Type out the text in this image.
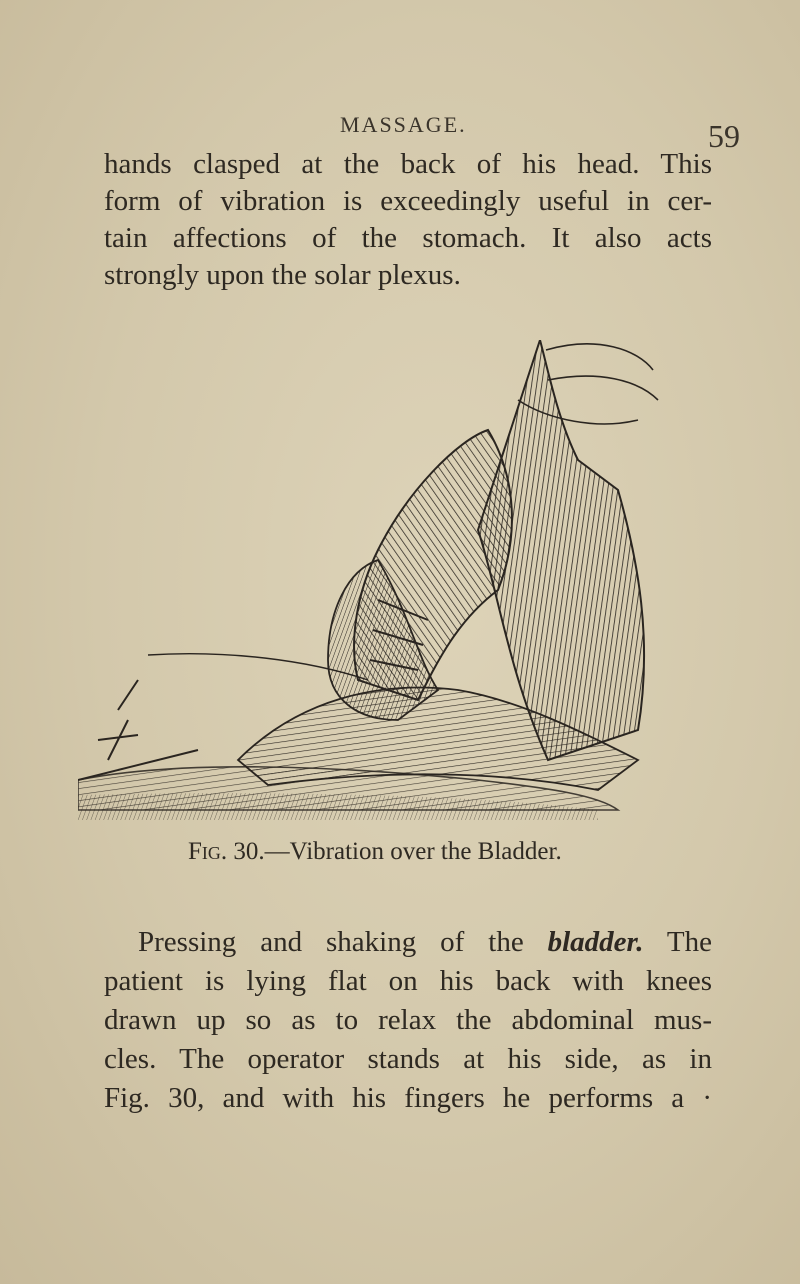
MASSAGE.	59
hands clasped at the back of his head. This
form of vibration is exceedingly useful in cer-
tain affections of the stomach. It also acts
strongly upon the solar plexus.
Fig. 30.—Vibration over the Bladder.
Pressing and shaking of the bladder. The
patient is lying flat on his back with knees
drawn up so as to relax the abdominal mus-
cles. The operator stands at his side, as in
Fig. 30, and with his fingers he performs a ·
